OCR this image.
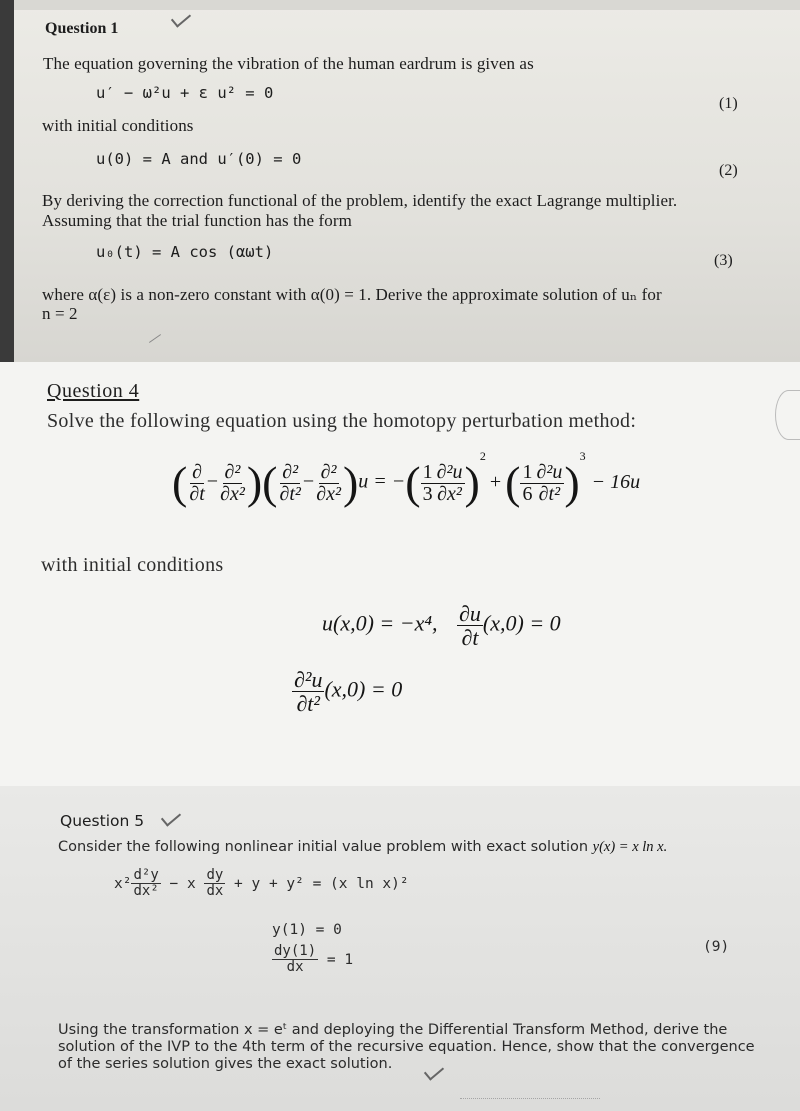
Question 1
The equation governing the vibration of the human eardrum is given as
u′ − ω²u + ε u² = 0
(1)
with initial conditions
u(0) = A and u′(0) = 0
(2)
By deriving the correction functional of the problem, identify the exact Lagrange multiplier.
Assuming that the trial function has the form
u₀(t) = A cos (αωt)	(3)
where α(ε) is a non-zero constant with α(0) = 1. Derive the approximate solution of uₙ for
n = 2
Question 4
Solve the following equation using the homotopy perturbation method:
( $\frac{\partial}{\partial t} - \frac{\text{∂²}}{\text{∂x²}}$ )( $\frac{\text{∂²}}{\text{∂t²}} - \frac{\text{∂²}}{\text{∂x²}} )u$ = −( $\frac{1}{3} \frac{\text{∂²u}}{\text{∂x²}} )^2+( \frac{1}{6} \frac{\text{∂²u}}{\text{∂t²}} )^3- 16u$
with initial conditions
u(x,0) = −x⁴, $\frac{\partial u}{\partial t} (x,0) = 0$
$\frac{\text{∂²u}}{\text{∂t²}} (x,0) = 0$
Question 5
Consider the following nonlinear initial value problem with exact solution y(x) = x ln x.
$x^2 \frac{\text{d²y}}{\text{dx²}} - x \frac{dy}{dx} + y + y^2 = (x$ ln x)²
y(1) = 0
$\frac{dy(1)}{dx} = 1$
(9)
Using the transformation x = eᵗ and deploying the Differential Transform Method, derive the
solution of the IVP to the 4th term of the recursive equation. Hence, show that the convergence
of the series solution gives the exact solution.
